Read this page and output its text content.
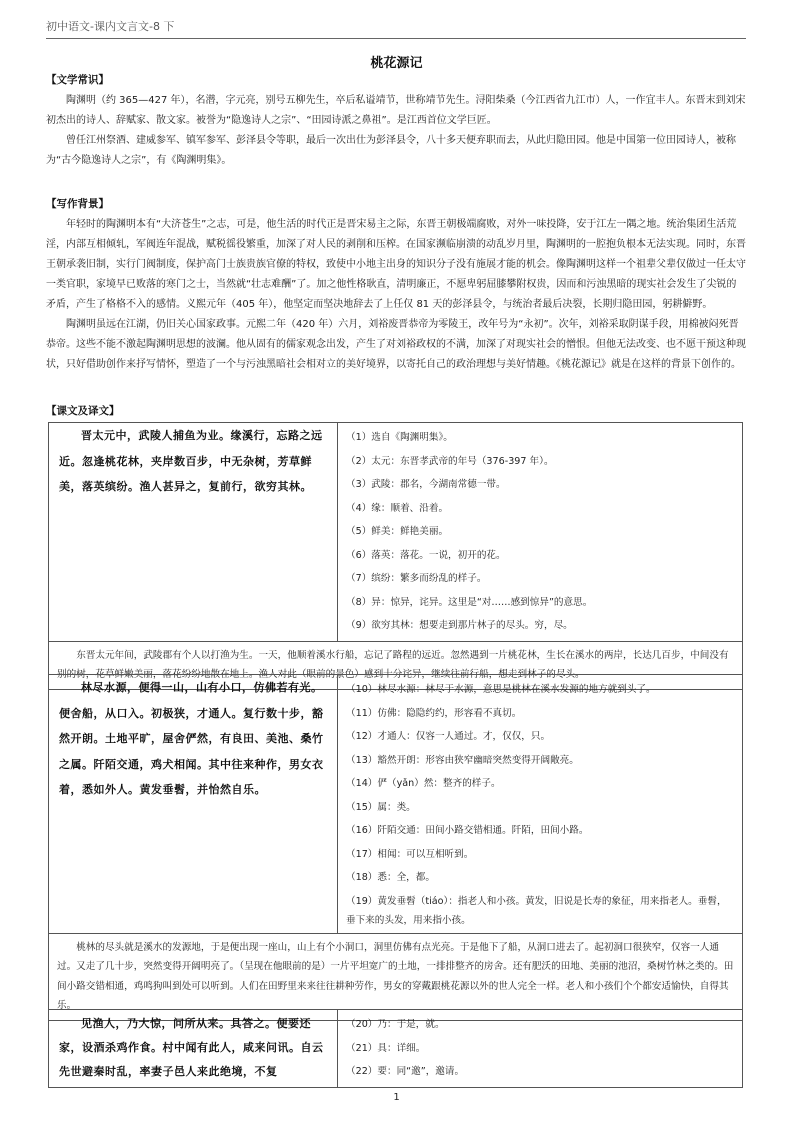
初中语文-课内文言文-8 下
桃花源记
【文学常识】

陶渊明（约 365—427 年），名潜，字元亮，别号五柳先生，卒后私谥靖节，世称靖节先生。浔阳柴桑（今江西省九江市）人，一作宜丰人。东晋末到刘宋初杰出的诗人、辞赋家、散文家。被誉为“隐逸诗人之宗”、“田园诗派之鼻祖”。是江西首位文学巨匠。

曾任江州祭酒、建威参军、镇军参军、彭泽县令等职，最后一次出仕为彭泽县令，八十多天便弃职而去，从此归隐田园。他是中国第一位田园诗人，被称为“古今隐逸诗人之宗”，有《陶渊明集》。

【写作背景】

年轻时的陶渊明本有“大济苍生”之志，可是，他生活的时代正是晋宋易主之际，东晋王朝极端腐败，对外一味投降，安于江左一隅之地。统治集团生活荒淫，内部互相倾轧，军阀连年混战，赋税徭役繁重，加深了对人民的剥削和压榨。在国家濒临崩溃的动乱岁月里，陶渊明的一腔抱负根本无法实现。同时，东晋王朝承袭旧制，实行门阀制度，保护高门士族贵族官僚的特权，致使中小地主出身的知识分子没有施展才能的机会。像陶渊明这样一个祖辈父辈仅做过一任太守一类官职，家境早已败落的寒门之士，当然就“壮志难酬”了。加之他性格耿直，清明廉正，不愿卑躬屈膝攀附权贵，因而和污浊黑暗的现实社会发生了尖锐的矛盾，产生了格格不入的感情。义熙元年（405 年），他坚定而坚决地辞去了上任仅 81 天的彭泽县令，与统治者最后决裂，长期归隐田园，躬耕僻野。

陶渊明虽远在江湖，仍旧关心国家政事。元熙二年（420 年）六月，刘裕废晋恭帝为零陵王，改年号为“永初”。次年，刘裕采取阴谋手段，用棉被闷死晋恭帝。这些不能不激起陶渊明思想的波澜。他从固有的儒家观念出发，产生了对刘裕政权的不满，加深了对现实社会的憎恨。但他无法改变、也不愿干预这种现状，只好借助创作来抒写情怀，塑造了一个与污浊黑暗社会相对立的美好境界，以寄托自己的政治理想与美好情趣。《桃花源记》就是在这样的背景下创作的。

【课文及译文】
晋太元中，武陵人捕鱼为业。缘溪行，忘路之远近。忽逢桃花林，夹岸数百步，中无杂树，芳草鲜美，落英缤纷。渔人甚异之，复前行，欲穷其林。	
（1）选自《陶渊明集》。
（2）太元：东晋孝武帝的年号（376-397 年）。
（3）武陵：郡名，今湖南常德一带。
（4）缘：顺着、沿着。
（5）鲜美：鲜艳美丽。
（6）落英：落花。一说，初开的花。
（7）缤纷：繁多而纷乱的样子。
（8）异：惊异，诧异。这里是“对……感到惊异”的意思。
（9）欲穷其林：想要走到那片林子的尽头。穷，尽。

东晋太元年间，武陵郡有个人以打渔为生。一天，他顺着溪水行船，忘记了路程的远近。忽然遇到一片桃花林，生长在溪水的两岸，长达几百步，中间没有别的树，花草鲜嫩美丽，落花纷纷地散在地上。渔人对此（眼前的景色）感到十分诧异，继续往前行船，想走到林子的尽头。
林尽水源，便得一山，山有小口，仿佛若有光。便舍船，从口入。初极狭，才通人。复行数十步，豁然开朗。土地平旷，屋舍俨然，有良田、美池、桑竹之属。阡陌交通，鸡犬相闻。其中往来种作，男女衣着，悉如外人。黄发垂髫，并怡然自乐。	
（10）林尽水源：林尽于水源，意思是桃林在溪水发源的地方就到头了。
（11）仿佛：隐隐约约，形容看不真切。
（12）才通人：仅容一人通过。才，仅仅，只。
（13）豁然开朗：形容由狭窄幽暗突然变得开阔敞亮。
（14）俨（yǎn）然：整齐的样子。
（15）属：类。
（16）阡陌交通：田间小路交错相通。阡陌，田间小路。
（17）相闻：可以互相听到。
（18）悉：全，都。
（19）黄发垂髫（tiáo）：指老人和小孩。黄发，旧说是长寿的象征，用来指老人。垂髫，垂下来的头发，用来指小孩。

桃林的尽头就是溪水的发源地，于是便出现一座山，山上有个小洞口，洞里仿佛有点光亮。于是他下了船，从洞口进去了。起初洞口很狭窄，仅容一人通过。又走了几十步，突然变得开阔明亮了。（呈现在他眼前的是）一片平坦宽广的土地，一排排整齐的房舍。还有肥沃的田地、美丽的池沼，桑树竹林之类的。田间小路交错相通，鸡鸣狗叫到处可以听到。人们在田野里来来往往耕种劳作，男女的穿戴跟桃花源以外的世人完全一样。老人和小孩们个个都安适愉快，自得其乐。
见渔人，乃大惊，问所从来。具答之。便要还家，设酒杀鸡作食。村中闻有此人，咸来问讯。自云先世避秦时乱，率妻子邑人来此绝境，不复	
（20）乃：于是，就。
（21）具：详细。
（22）要：同“邀”，邀请。
1
